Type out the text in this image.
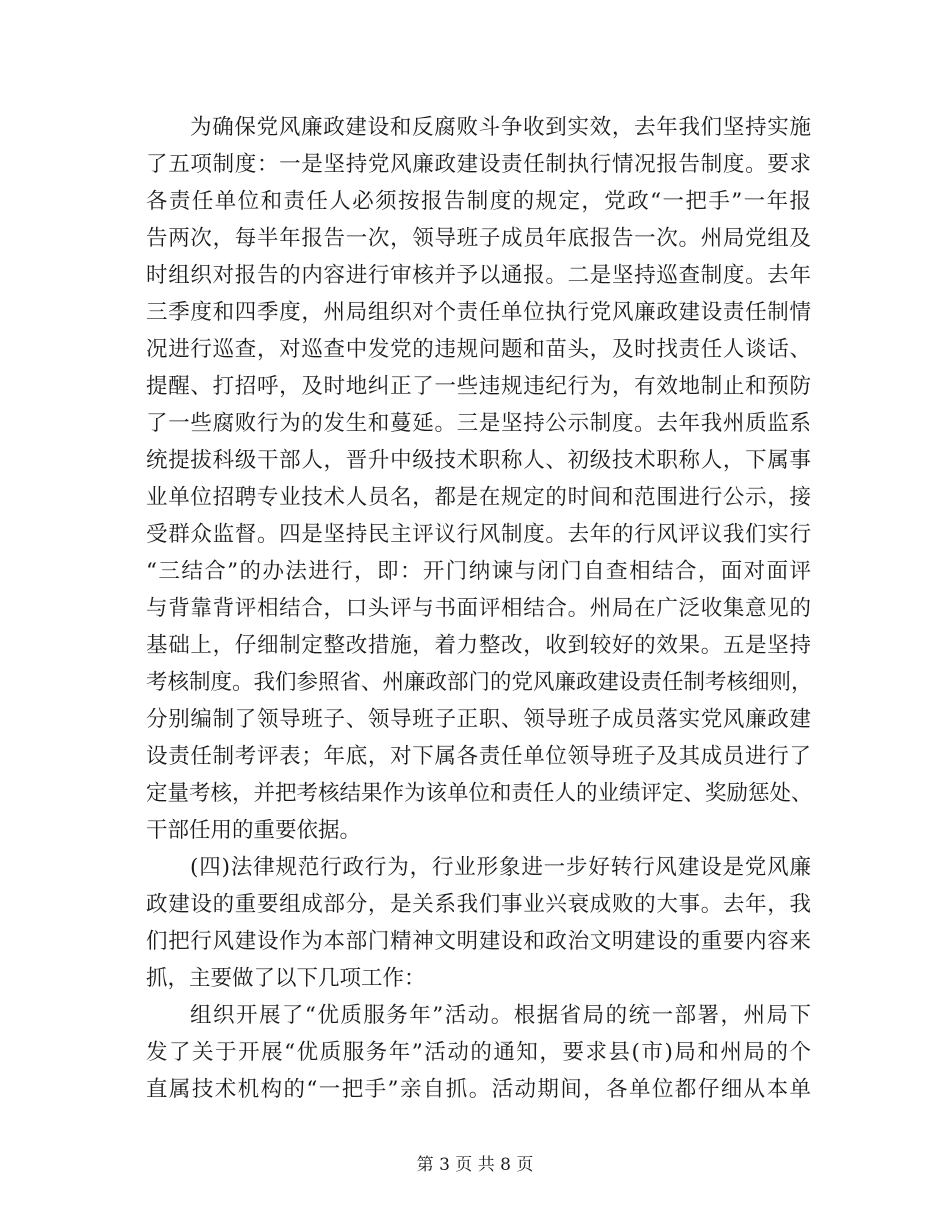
为确保党风廉政建设和反腐败斗争收到实效，去年我们坚持实施
了五项制度：一是坚持党风廉政建设责任制执行情况报告制度。要求
各责任单位和责任人必须按报告制度的规定，党政“一把手”一年报
告两次，每半年报告一次，领导班子成员年底报告一次。州局党组及
时组织对报告的内容进行审核并予以通报。二是坚持巡查制度。去年
三季度和四季度，州局组织对个责任单位执行党风廉政建设责任制情
况进行巡查，对巡查中发党的违规问题和苗头，及时找责任人谈话、
提醒、打招呼，及时地纠正了一些违规违纪行为，有效地制止和预防
了一些腐败行为的发生和蔓延。三是坚持公示制度。去年我州质监系
统提拔科级干部人，晋升中级技术职称人、初级技术职称人，下属事
业单位招聘专业技术人员名，都是在规定的时间和范围进行公示，接
受群众监督。四是坚持民主评议行风制度。去年的行风评议我们实行
“三结合”的办法进行，即：开门纳谏与闭门自查相结合，面对面评
与背靠背评相结合，口头评与书面评相结合。州局在广泛收集意见的
基础上，仔细制定整改措施，着力整改，收到较好的效果。五是坚持
考核制度。我们参照省、州廉政部门的党风廉政建设责任制考核细则，
分别编制了领导班子、领导班子正职、领导班子成员落实党风廉政建
设责任制考评表；年底，对下属各责任单位领导班子及其成员进行了
定量考核，并把考核结果作为该单位和责任人的业绩评定、奖励惩处、
干部任用的重要依据。
(四)法律规范行政行为，行业形象进一步好转行风建设是党风廉
政建设的重要组成部分，是关系我们事业兴衰成败的大事。去年，我
们把行风建设作为本部门精神文明建设和政治文明建设的重要内容来
抓，主要做了以下几项工作：
组织开展了“优质服务年”活动。根据省局的统一部署，州局下
发了关于开展“优质服务年”活动的通知，要求县(市)局和州局的个
直属技术机构的“一把手”亲自抓。活动期间，各单位都仔细从本单
第 3 页 共 8 页
